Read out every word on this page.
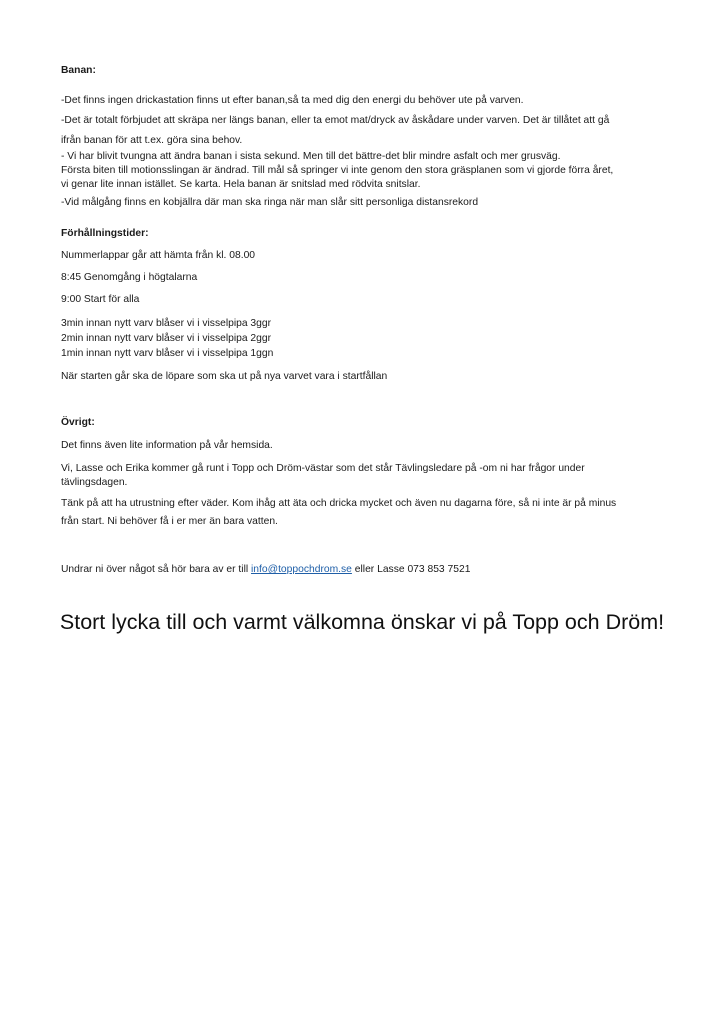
Banan:
-Det finns ingen drickastation finns ut efter banan,så ta med dig den energi du behöver ute på varven.
-Det är totalt förbjudet att skräpa ner längs banan, eller ta emot mat/dryck av åskådare under varven. Det är tillåtet att gå
ifrån banan för att t.ex. göra sina behov.
- Vi har blivit tvungna att ändra banan i sista sekund. Men till det bättre-det blir mindre asfalt och mer grusväg.
Första biten till motionsslingan är ändrad. Till mål så springer vi inte genom den stora gräsplanen som vi gjorde förra året,
vi genar lite innan istället. Se karta. Hela banan är snitslad med rödvita snitslar.
-Vid målgång finns en kobjällra där man ska ringa när man slår sitt personliga distansrekord
Förhållningstider:
Nummerlappar går att hämta från kl. 08.00
8:45 Genomgång i högtalarna
9:00 Start för alla
3min innan nytt varv blåser vi i visselpipa 3ggr
2min innan nytt varv blåser vi i visselpipa 2ggr
1min innan nytt varv blåser vi i visselpipa 1ggn
När starten går ska de löpare som ska ut på nya varvet vara i startfållan
Övrigt:
Det finns även lite information på vår hemsida.
Vi, Lasse och Erika kommer gå runt i Topp och Dröm-västar som det står Tävlingsledare på -om ni har frågor under
tävlingsdagen.
Tänk på att ha utrustning efter väder. Kom ihåg att äta och dricka mycket och även nu dagarna före, så ni inte är på minus
från start. Ni behöver få i er mer än bara vatten.
Undrar ni över något så hör bara av er till info@toppochdrom.se eller Lasse 073 853 7521
Stort lycka till och varmt välkomna önskar vi på Topp och Dröm!
